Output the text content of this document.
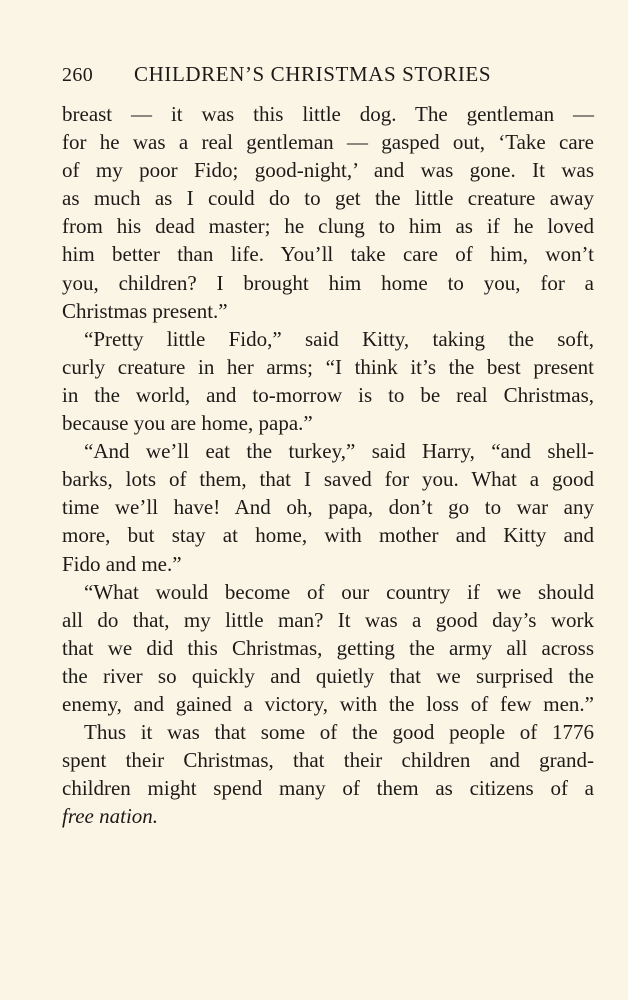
260	CHILDREN’S CHRISTMAS STORIES
breast — it was this little dog. The gentleman —
for he was a real gentleman — gasped out, ‘Take care
of my poor Fido; good-night,’ and was gone. It was
as much as I could do to get the little creature away
from his dead master; he clung to him as if he loved
him better than life. You’ll take care of him, won’t
you, children? I brought him home to you, for a
Christmas present.”
“Pretty little Fido,” said Kitty, taking the soft,
curly creature in her arms; “I think it’s the best present
in the world, and to-morrow is to be real Christmas,
because you are home, papa.”
“And we’ll eat the turkey,” said Harry, “and shell-
barks, lots of them, that I saved for you. What a good
time we’ll have! And oh, papa, don’t go to war any
more, but stay at home, with mother and Kitty and
Fido and me.”
“What would become of our country if we should
all do that, my little man? It was a good day’s work
that we did this Christmas, getting the army all across
the river so quickly and quietly that we surprised the
enemy, and gained a victory, with the loss of few men.”
Thus it was that some of the good people of 1776
spent their Christmas, that their children and grand-
children might spend many of them as citizens of a
free nation.
